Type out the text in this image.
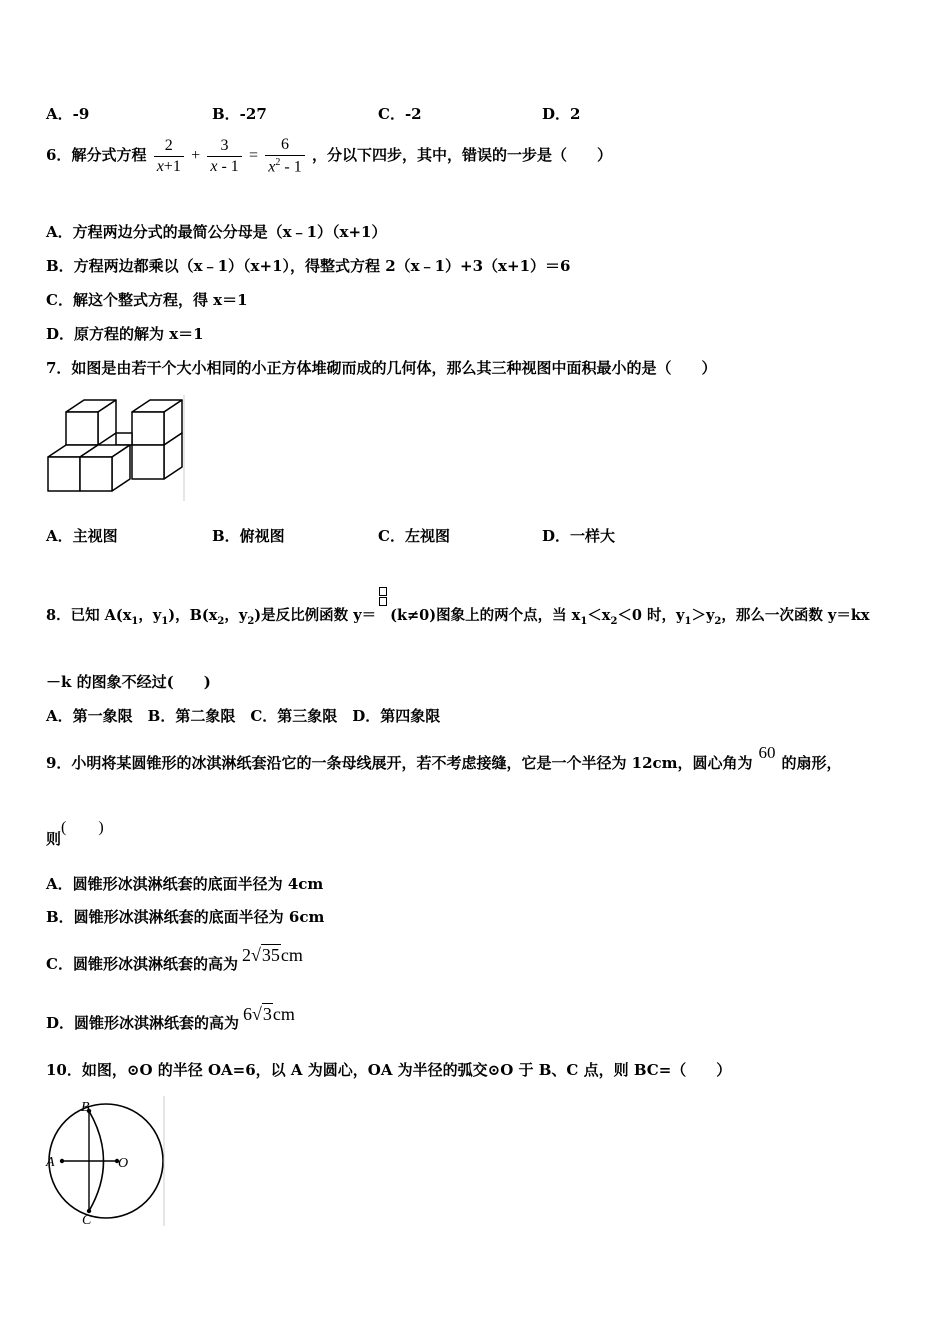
A．-9	B．-27	C．-2	D．2
6．解分式方程 $\frac{2}{x+1} + \frac{3}{x - 1} = \frac{6}{x^2 - 1}$ ，分以下四步，其中，错误的一步是（　　）
A．方程两边分式的最简公分母是（x﹣1）（x+1）
B．方程两边都乘以（x﹣1）（x+1），得整式方程 2（x﹣1）+3（x+1）＝6
C．解这个整式方程，得 x＝1
D．原方程的解为 x＝1
7．如图是由若干个大小相同的小正方体堆砌而成的几何体，那么其三种视图中面积最小的是（　　）
A．主视图	B．俯视图	C．左视图	D．一样大
8．已知 $A(x_1$，$y_1$)，$B(x_2$，$y_2$)是反比例函数 y＝ (k≠0)图象上的两个点，当 $x_1<x_2<0$ 时，$y_1>y_2$，那么一次函数 y＝kx
－k 的图象不经过(　　)
A．第一象限　B．第二象限　C．第三象限　D．第四象限
9．小明将某圆锥形的冰淇淋纸套沿它的一条母线展开，若不考虑接缝，它是一个半径为 12cm，圆心角为60的扇形，
则(　　)
A．圆锥形冰淇淋纸套的底面半径为 4cm
B．圆锥形冰淇淋纸套的底面半径为 6cm
C．圆锥形冰淇淋纸套的高为 2√35cm
D．圆锥形冰淇淋纸套的高为 6√3cm
10．如图，⊙O 的半径 OA=6，以 A 为圆心，OA 为半径的弧交⊙O 于 B、C 点，则 BC=（　　）
B
A	O
C
